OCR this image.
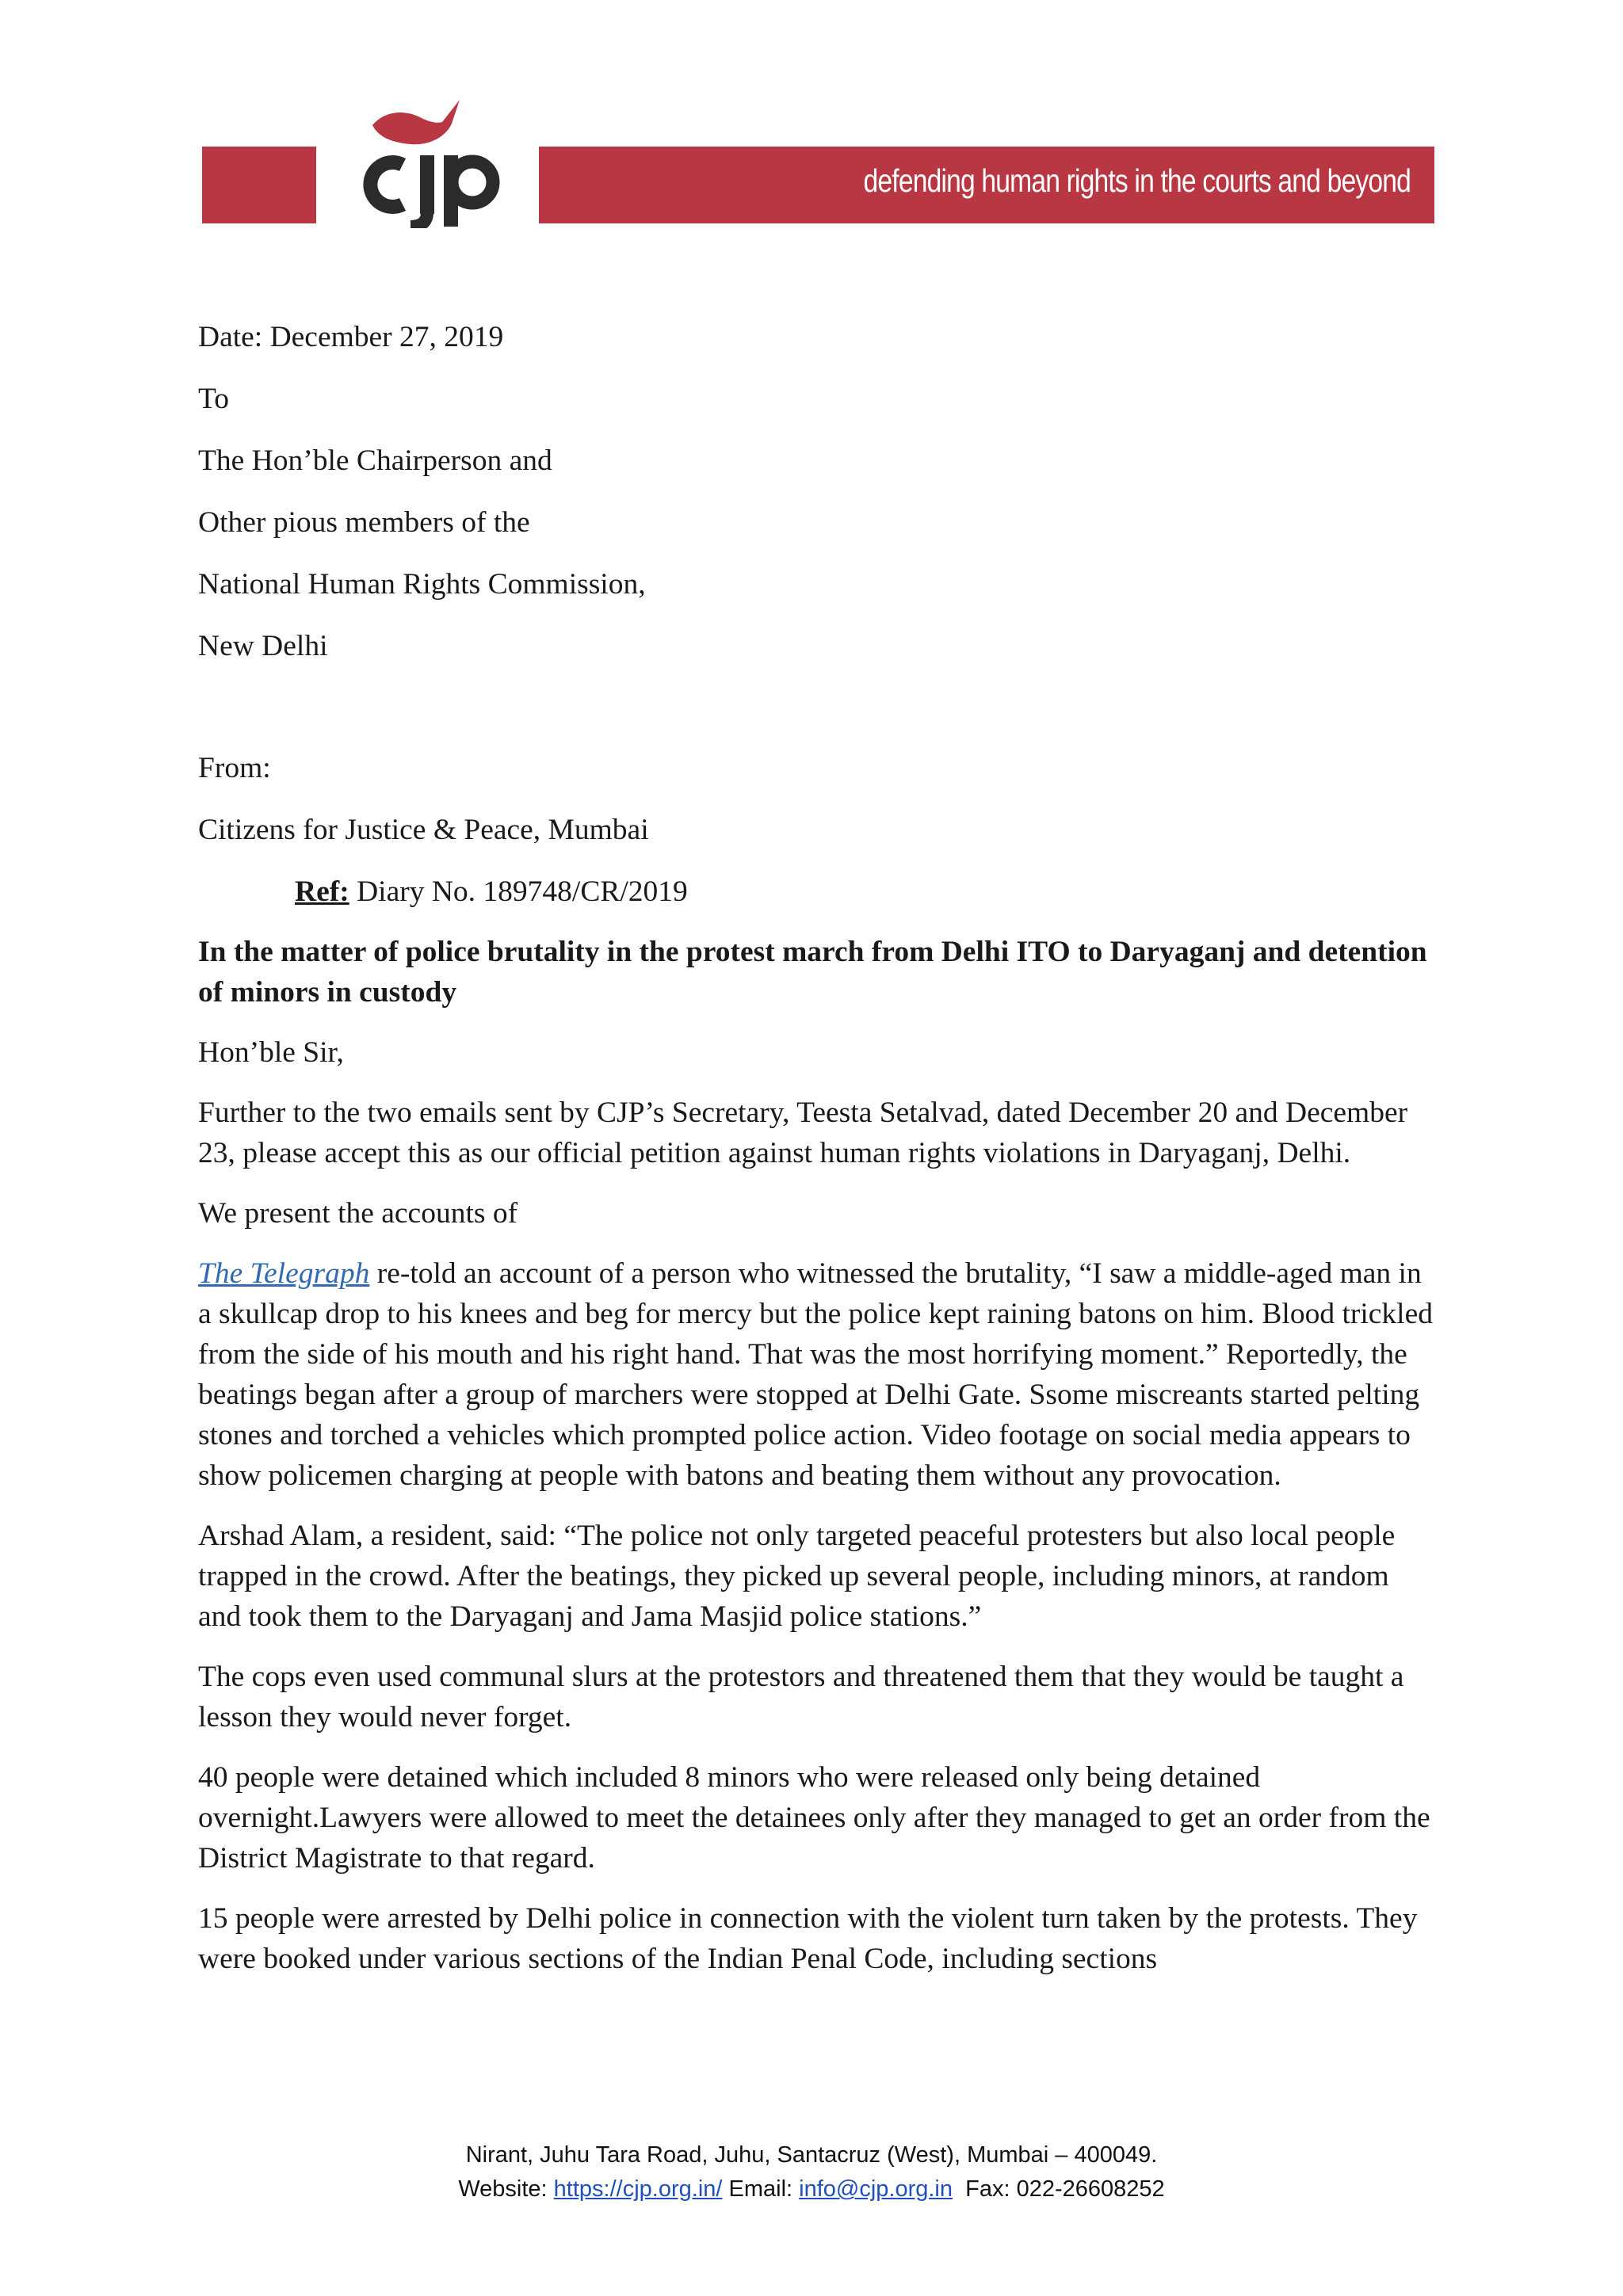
cjp
defending human rights in the courts and beyond

Date: December 27, 2019

To

The Hon’ble Chairperson and

Other pious members of the

National Human Rights Commission,

New Delhi

From:

Citizens for Justice & Peace, Mumbai

Ref: Diary No. 189748/CR/2019

In the matter of police brutality in the protest march from Delhi ITO to Daryaganj and detention of minors in custody

Hon’ble Sir,

Further to the two emails sent by CJP’s Secretary, Teesta Setalvad, dated December 20 and December 23, please accept this as our official petition against human rights violations in Daryaganj, Delhi.

We present the accounts of

The Telegraph re-told an account of a person who witnessed the brutality, “I saw a middle-aged man in a skullcap drop to his knees and beg for mercy but the police kept raining batons on him. Blood trickled from the side of his mouth and his right hand. That was the most horrifying moment.” Reportedly, the beatings began after a group of marchers were stopped at Delhi Gate. Ssome miscreants started pelting stones and torched a vehicles which prompted police action. Video footage on social media appears to show policemen charging at people with batons and beating them without any provocation.

Arshad Alam, a resident, said: “The police not only targeted peaceful protesters but also local people trapped in the crowd. After the beatings, they picked up several people, including minors, at random and took them to the Daryaganj and Jama Masjid police stations.”

The cops even used communal slurs at the protestors and threatened them that they would be taught a lesson they would never forget.

40 people were detained which included 8 minors who were released only being detained overnight.Lawyers were allowed to meet the detainees only after they managed to get an order from the District Magistrate to that regard.

15 people were arrested by Delhi police in connection with the violent turn taken by the protests. They were booked under various sections of the Indian Penal Code, including sections

Nirant, Juhu Tara Road, Juhu, Santacruz (West), Mumbai – 400049.
Website: https://cjp.org.in/ Email: info@cjp.org.in  Fax: 022-26608252
